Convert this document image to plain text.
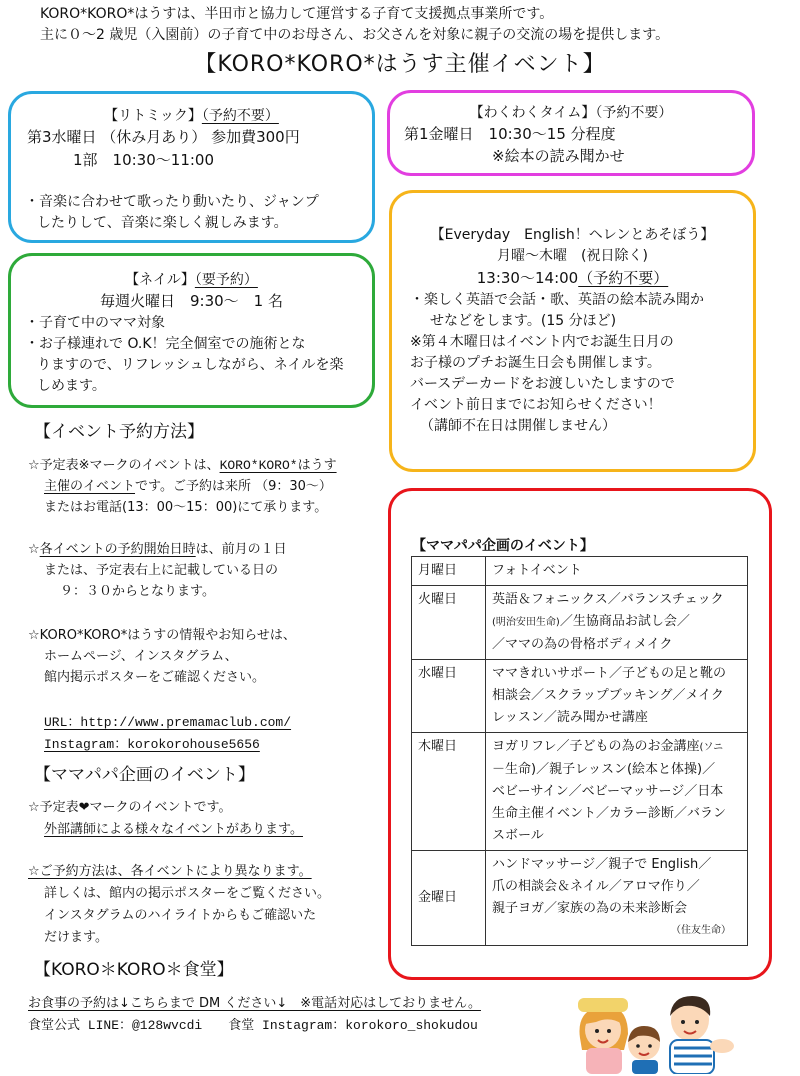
KORO*KORO*はうすは、半田市と協力して運営する子育て支援拠点事業所です。
主に０～2 歳児（入園前）の子育て中のお母さん、お父さんを対象に親子の交流の場を提供します。
【KORO*KORO*はうす主催イベント】
【リトミック】（予約不要）
第3水曜日 （休み月あり） 参加費300円
1部　10:30～11:00
・音楽に合わせて歌ったり動いたり、ジャンプ
したりして、音楽に楽しく親しみます。
【ネイル】（要予約）
毎週火曜日　9:30～　1 名
・子育て中のママ対象
・お子様連れで O.K！完全個室での施術とな
りますので、リフレッシュしながら、ネイルを楽
しめます。
【わくわくタイム】（予約不要）
第1金曜日　10:30～15 分程度
※絵本の読み聞かせ
【Everyday　English！ヘレンとあそぼう】
月曜～木曜　(祝日除く)
13:30～14:00（予約不要）
・楽しく英語で会話・歌、英語の絵本読み聞か
せなどをします。(15 分ほど)
※第４木曜日はイベント内でお誕生日月の
お子様のプチお誕生日会も開催します。
バースデーカードをお渡しいたしますので
イベント前日までにお知らせください！
（講師不在日は開催しません）
【イベント予約方法】
☆予定表※マークのイベントは、KORO*KORO*はうす
主催のイベントです。ご予約は来所 （9：30～）
またはお電話(13：00～15：00)にて承ります。
☆各イベントの予約開始日時は、前月の１日
または、予定表右上に記載している日の
９：３０からとなります。
☆KORO*KORO*はうすの情報やお知らせは、
ホームページ、インスタグラム、
館内掲示ポスターをご確認ください。
URL：http://www.premamaclub.com/
Instagram：korokorohouse5656
【ママパパ企画のイベント】
☆予定表❤マークのイベントです。
外部講師による様々なイベントがあります。
☆ご予約方法は、各イベントにより異なります。
詳しくは、館内の掲示ポスターをご覧ください。
インスタグラムのハイライトからもご確認いた
だけます。
【KORO＊KORO＊食堂】
お食事の予約は↓こちらまで DM ください↓　※電話対応はしておりません。
食堂公式 LINE：@128wvcdi　　食堂 Instagram：korokoro_shokudou
【ママパパ企画のイベント】
月曜日	フォトイベント

火曜日	英語＆フォニックス／バランスチェック
(明治安田生命)／生協商品お試し会／
／ママの為の骨格ボディメイク

水曜日	ママきれいサポート／子どもの足と靴の
相談会／スクラップブッキング／メイク
レッスン／読み聞かせ講座

木曜日	ヨガリフレ／子どもの為のお金講座(ソニ
－生命)／親子レッスン(絵本と体操)／
ベビーサイン／ベビーマッサージ／日本
生命主催イベント／カラー診断／バラン
スボール

金曜日	ハンドマッサージ／親子で English／
爪の相談会＆ネイル／アロマ作り／
親子ヨガ／家族の為の未来診断会
（住友生命）
